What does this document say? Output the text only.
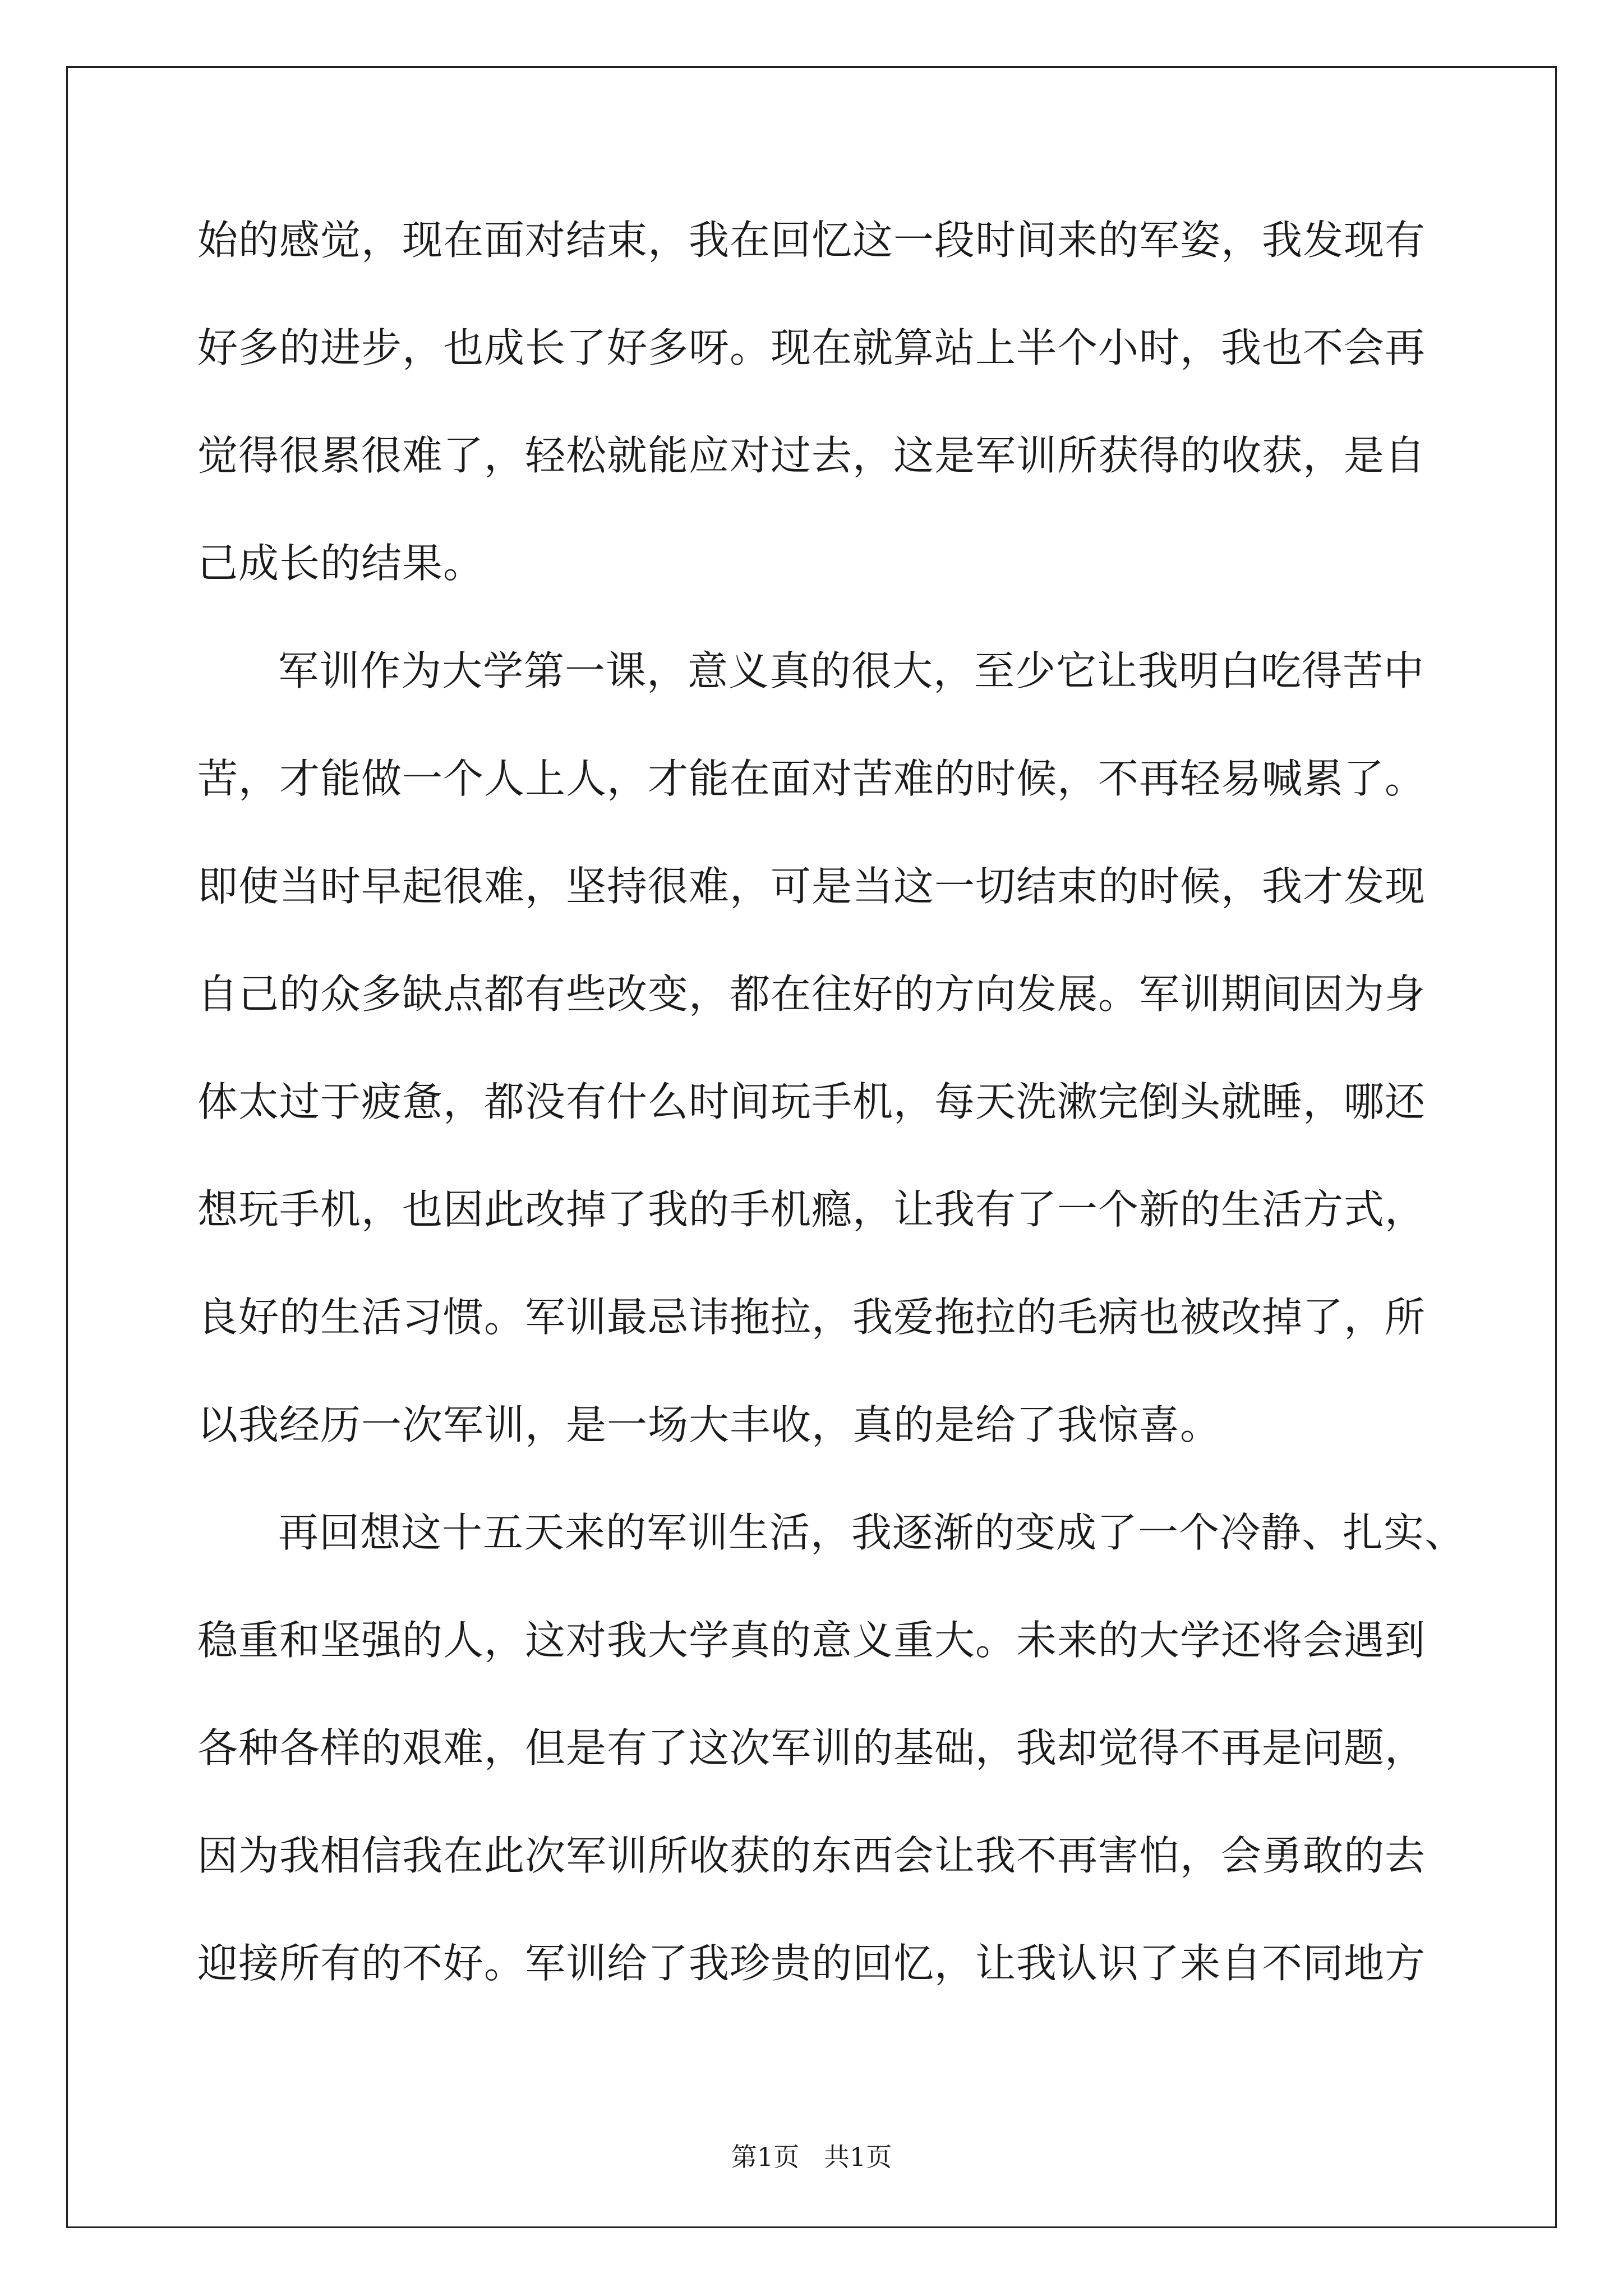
始的感觉，现在面对结束，我在回忆这一段时间来的军姿，我发现有
好多的进步，也成长了好多呀。现在就算站上半个小时，我也不会再
觉得很累很难了，轻松就能应对过去，这是军训所获得的收获，是自
己成长的结果。
军训作为大学第一课，意义真的很大，至少它让我明白吃得苦中
苦，才能做一个人上人，才能在面对苦难的时候，不再轻易喊累了。
即使当时早起很难，坚持很难，可是当这一切结束的时候，我才发现
自己的众多缺点都有些改变，都在往好的方向发展。军训期间因为身
体太过于疲惫，都没有什么时间玩手机，每天洗漱完倒头就睡，哪还
想玩手机，也因此改掉了我的手机瘾，让我有了一个新的生活方式，
良好的生活习惯。军训最忌讳拖拉，我爱拖拉的毛病也被改掉了，所
以我经历一次军训，是一场大丰收，真的是给了我惊喜。
再回想这十五天来的军训生活，我逐渐的变成了一个冷静、扎实、
稳重和坚强的人，这对我大学真的意义重大。未来的大学还将会遇到
各种各样的艰难，但是有了这次军训的基础，我却觉得不再是问题，
因为我相信我在此次军训所收获的东西会让我不再害怕，会勇敢的去
迎接所有的不好。军训给了我珍贵的回忆，让我认识了来自不同地方
第1页   共1页
